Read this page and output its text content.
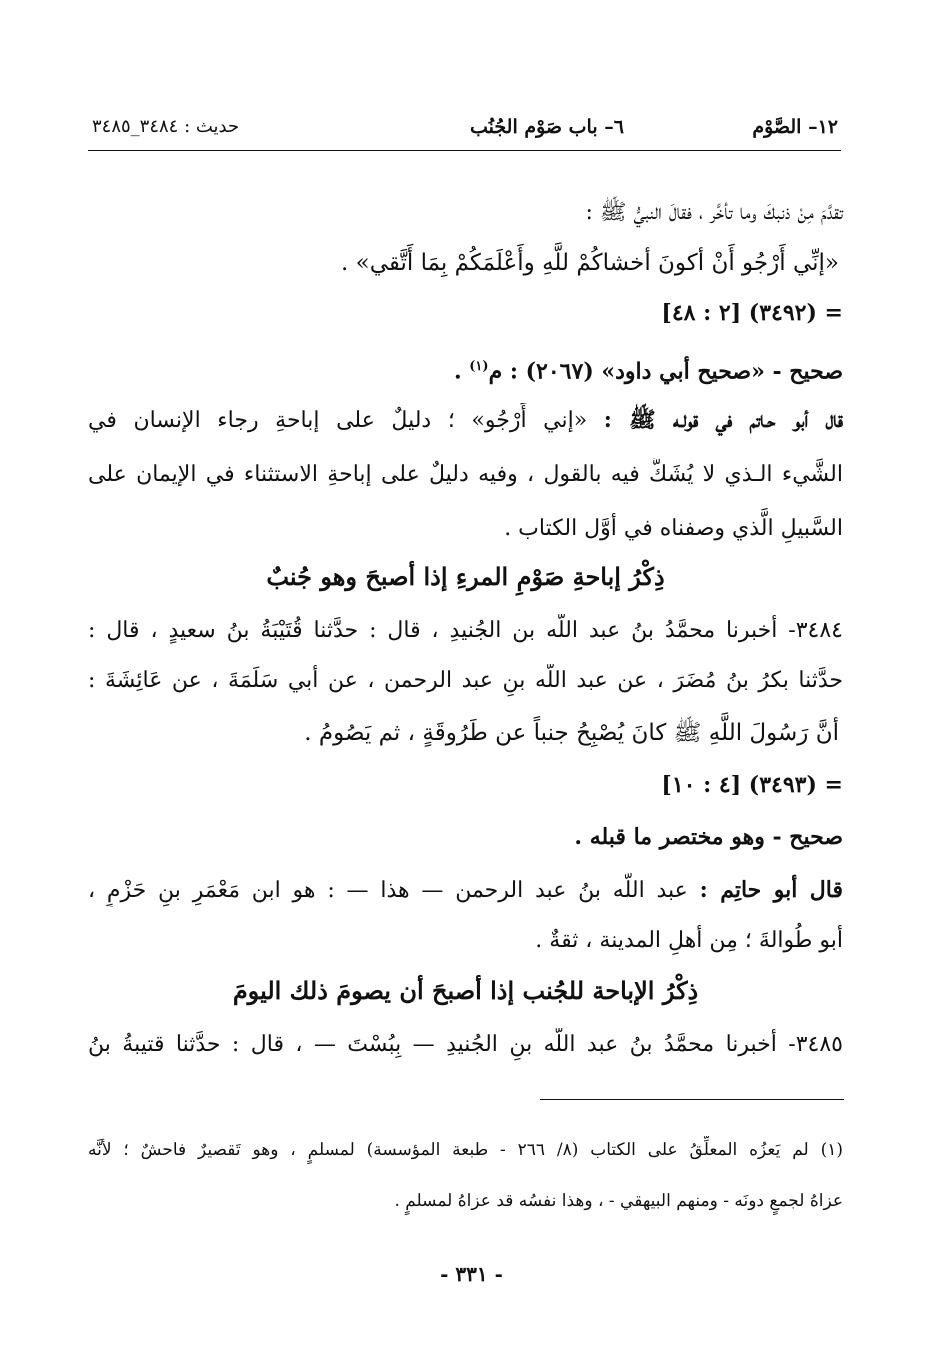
١٢– الصَّوْم
٦– باب صَوْم الجُنُب
حديث : ٣٤٨٤_٣٤٨٥
تقدَّمَ مِنْ ذنبكَ وما تأخَّر ، فقالَ النبيُّ ﷺ :
«إنِّي أَرْجُو أَنْ أكونَ أخشاكُمْ للَّهِ وأَعْلَمَكُمْ بِمَا أَتَّقي» .
= (٣٤٩٢) [٢ : ٤٨]
صحيح - «صحيح أبي داود» (٢٠٦٧) : م$^{(١)}$ .
قال أبو حـاتم في قولـه ﷺ : «إني أَرْجُو» ؛ دليلٌ على إباحةِ رجاء الإنسان في
الشَّيء الـذي لا يُشَكُّ فيه بالقول ، وفيه دليلٌ على إباحةِ الاستثناء في الإيمان على
السَّبيلِ الَّذي وصفناه في أوَّل الكتاب .
ذِكْرُ إباحةِ صَوْمِ المرءِ إذا أصبحَ وهو جُنبٌ
٣٤٨٤- أخبرنا محمَّدُ بنُ عبد اللَّه بن الجُنيدِ ، قال : حدَّثنا قُتَيْبَةُ بنُ سعيدٍ ، قال :
حدَّثنا بكرُ بنُ مُضَرَ ، عن عبد اللَّه بنِ عبد الرحمن ، عن أبي سَلَمَةَ ، عن عَائِشَةَ :
أنَّ رَسُولَ اللَّهِ ﷺ كانَ يُصْبِحُ جنباً عن طَرُوقَةٍ ، ثم يَصُومُ .
= (٣٤٩٣) [٤ : ١٠]
صحيح - وهو مختصر ما قبله .
قال أبو حاتِم : عبد اللَّه بنُ عبد الرحمن — هذا — : هو ابن مَعْمَرِ بنِ حَزْمٍ ،
أبو طُوالةَ ؛ مِن أهلِ المدينة ، ثقةٌ .
ذِكْرُ الإباحة للجُنب إذا أصبحَ أن يصومَ ذلك اليومَ
٣٤٨٥- أخبرنا محمَّدُ بنُ عبد اللَّه بنِ الجُنيدِ — بِبُسْتَ — ، قال : حدَّثنا قتيبةُ بنُ
(١) لم يَعزُه المعلِّقُ على الكتاب (٨/ ٢٦٦ - طبعة المؤسسة) لمسلمٍ ، وهو تَقصيرٌ فاحشٌ ؛ لأنَّه
عزاهُ لجمعٍ دونَه - ومنهم البيهقي - ، وهذا نفسُه قد عزاهُ لمسلمٍ .
- ٣٣١ -
